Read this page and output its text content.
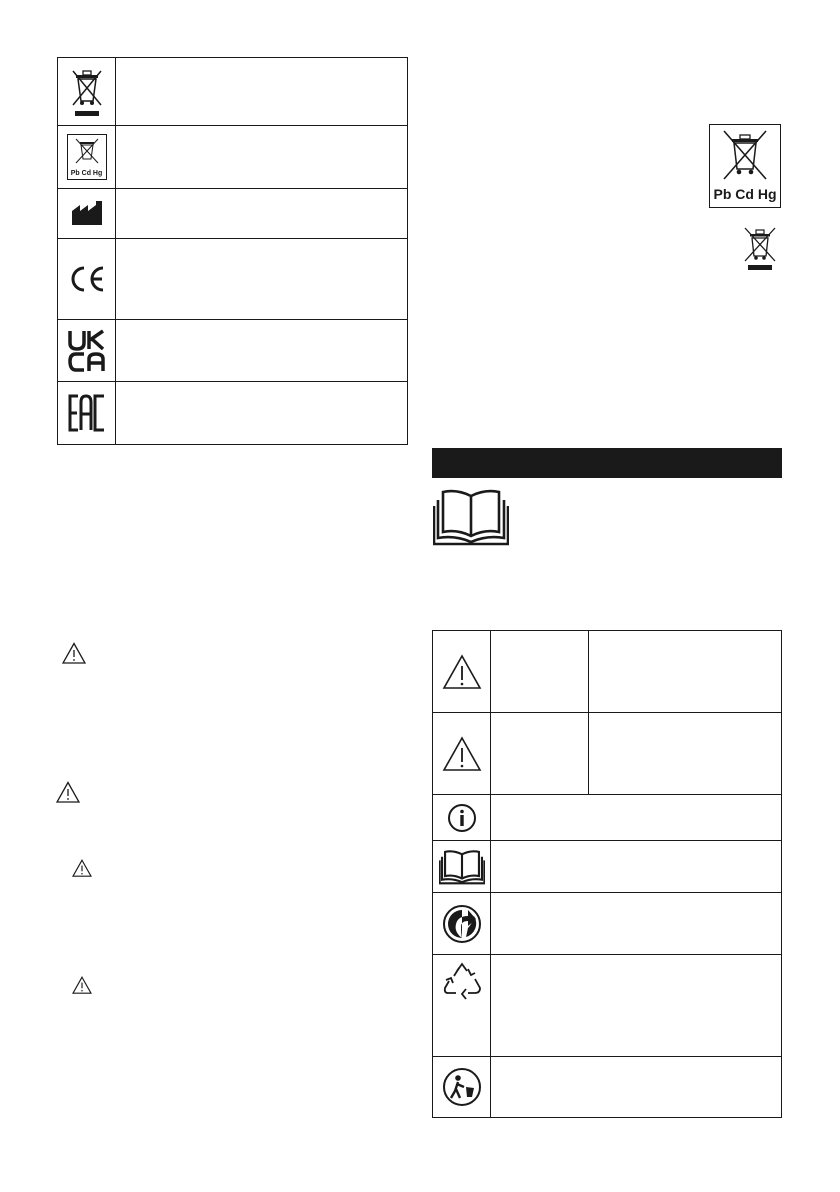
Pb Cd Hg
Pb Cd Hg
